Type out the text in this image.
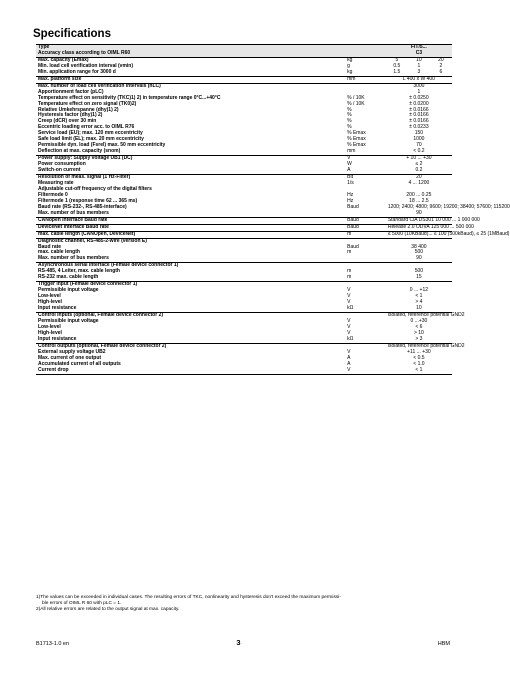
Specifications
Type		FIT/5...		
Accuracy class according to OIML R60		C3		
Max. capacity (Emax)	kg	5	10	20
Min. load cell verification interval (vmin)	g	0.5	1	2
Min. application range for 3000 d	kg	1.5	3	6
Max. platform size	mm	L 400 x W 400		
Max. number of load cell verification intervals (nLC)		3000		
Apportionment factor (pLC)		1		
Temperature effect on sensitivity (TKC)1) 2) in temperature range 0°C...+40°C	% / 10K	± 0.0250		
Temperature effect on zero signal (TK0)2)	% / 10K	± 0.0200		
Relative Umkehrspanne (dhy)1) 2)	%	± 0.0166		
Hysteresis factor (dhy)1) 2)	%	± 0.0166		
Creep (dCR) over 30 min	%	± 0.0166		
Eccentric loading error acc. to OIML R76	%	± 0.0233		
Service load (EU); max. 120 mm eccentricity	% Emax	150		
Safe load limit (EL); max. 20 mm eccentricity	% Emax	1000		
Permissible dyn. load (Fsrel) max. 50 mm eccentricity	% Emax	70		
Deflection at max. capacity (snom)	mm	< 0.2		
Power supply: Supply voltage UB1 (DC)	V	+ 10 ... +30		
Power consumption	W	≤ 2		
Switch-on current	A	0.2		
Resolution of meas. signal (1 Hz-Filter)	Bit	20		
Measuring rate	1/s	4 ... 1200		
Adjustable cut-off frequency of the digital filters				
Filtermode 0	Hz	200 ... 0.25		
Filtermode 1 (response time 62 ... 365 ms)	Hz	18 ... 2.5		
Baud rate (RS-232-, RS-485-interface)	Baud	1200; 2400; 4800; 9600; 19200; 38400; 57600; 115200		
Max. number of bus members		90		
CANopen interface Baud rate	Baud	Standard CiA DS301 10 000 ... 1 000 000		
DeviceNet interface Baud rate	Baud	Release 2.0 ODVA 125 000 ... 500 000		
max. cable length (CANOpen, DeviceNet)	m	≤ 5000 (10KBaud)... ≤ 100 (500kBaud), ≤ 25 (1MBaud)		
Diagnostic channel, RS-485-2-wire (version E)				
Baud rate	Baud	38 400		
max. cable length	m	500		
Max. number of bus members		90		
Asynchronous serial interface (Female device connector 1)				
RS-485, 4 Leiter, max. cable length	m	500		
RS-232 max. cable length	m	15		
Trigger input (Female device connector 1)				
Permissible input voltage	V	0 ... +12		
Low-level	V	< 1		
High-level	V	> 4		
Input resistance	kΩ	10		
Control inputs (optional, Female device connector 2)		isolated, reference potential GND2		
Permissible input voltage	V	0 ...+30		
Low-level	V	< 6		
High-level	V	> 10		
Input resistance	kΩ	> 3		
Control outputs (optional, Female device connector 2)		isolated, reference potential GND2		
External supply voltage UB2	V	+11 ... +30		
Max. current of one output	A	< 0.5		
Accumulated current of all outputs	A	< 1.0		
Current drop	V	< 1		
1)The values can be exceeded in individual cases. The resulting errors of TKC, nonlinearity and hysteresis don't exceed the maximum permissi-
ble errors of OIML R 60 with pLC = 1.
2)All relative errors are related to the output signal at max. capacity.
B1713-1.0 en	3	HBM
